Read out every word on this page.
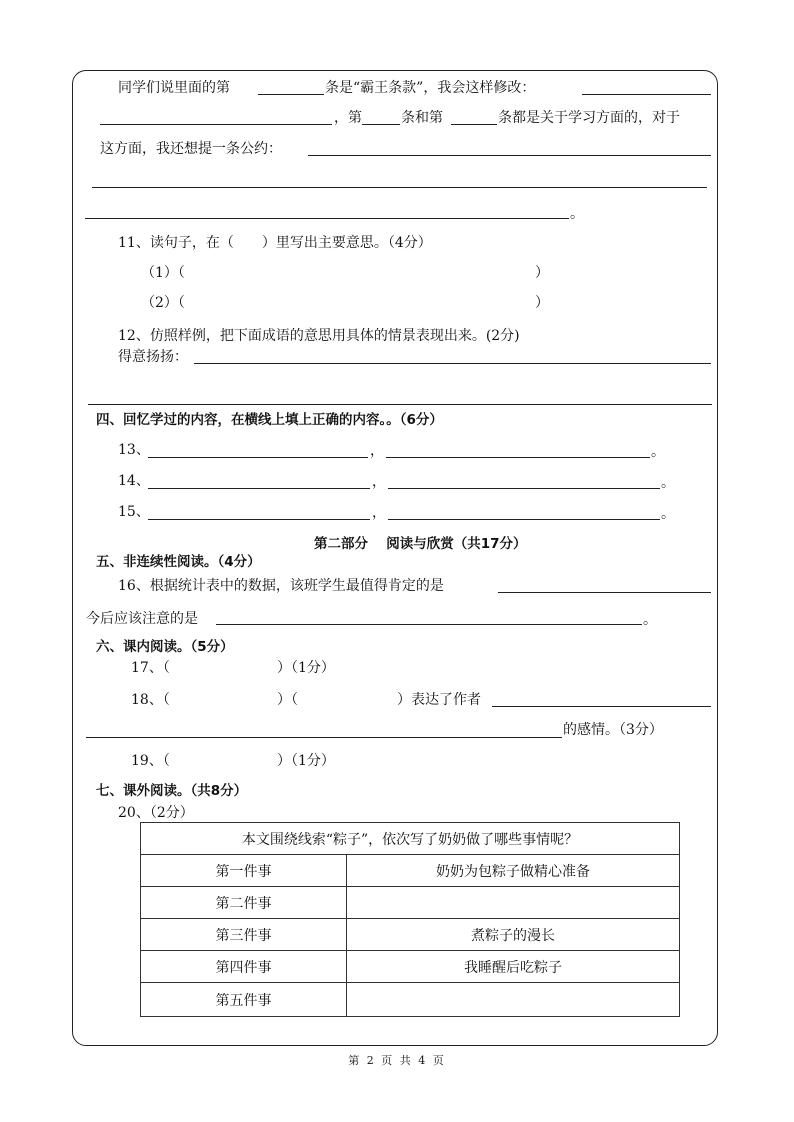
同学们说里面的第	条是“霸王条款”，我会这样修改：
，第	条和第	条都是关于学习方面的，对于
这方面，我还想提一条公约：
。
11、读句子，在（　　）里写出主要意思。（4分）
（1）（	）
（2）（	）
12、仿照样例，把下面成语的意思用具体的情景表现出来。(2分)
得意扬扬：
四、回忆学过的内容，在横线上填上正确的内容。。（6分）
13、	，	。
14、	，	。
15、	，	。
第二部分　 阅读与欣赏（共17分）
五、非连续性阅读。（4分）
16、根据统计表中的数据，该班学生最值得肯定的是
今后应该注意的是	。
六、课内阅读。（5分）
17、（	）（1分）
18、（	）（	）表达了作者
的感情。（3分）
19、（	）（1分）
七、课外阅读。（共8分）
20、（2分）
本文围绕线索“粽子”，依次写了奶奶做了哪些事情呢？	
第一件事	奶奶为包粽子做精心准备
第二件事	
第三件事	煮粽子的漫长
第四件事	我睡醒后吃粽子
第五件事	
第 2 页 共 4 页
